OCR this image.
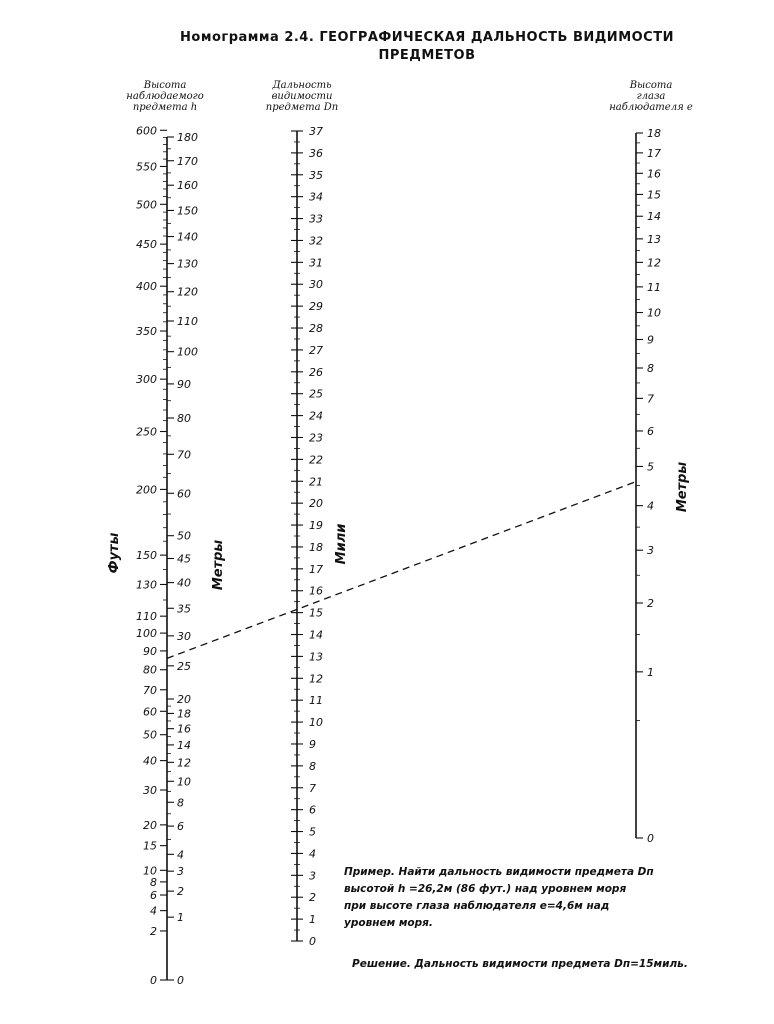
Номограмма 2.4. ГЕОГРАФИЧЕСКАЯ ДАЛЬНОСТЬ ВИДИМОСТИ
ПРЕДМЕТОВ
Высота
наблюдаемого
предмета h
Дальность
видимости
предмета Dп
Высота
глаза
наблюдателя e
0
1
2
3
4
6
8
10
12
14
16
18
20
25
30
35
40
45
50
60
70
80
90
100
110
120
130
140
150
160
170
180
0
2
4
6
8
10
15
20
30
40
50
60
70
80
90
100
110
130
150
200
250
300
350
400
450
500
550
600
0
1
2
3
4
5
6
7
8
9
10
11
12
13
14
15
16
17
18
19
20
21
22
23
24
25
26
27
28
29
30
31
32
33
34
35
36
37
0
1
2
3
4
5
6
7
8
9
10
11
12
13
14
15
16
17
18
Футы	Метры	Мили
Метры
Пример. Найти дальность видимости предмета Dп
высотой h =26,2м (86 фут.) над уровнем моря
при высоте глаза наблюдателя e=4,6м над
уровнем моря.
Решение. Дальность видимости предмета Dп=15миль.
